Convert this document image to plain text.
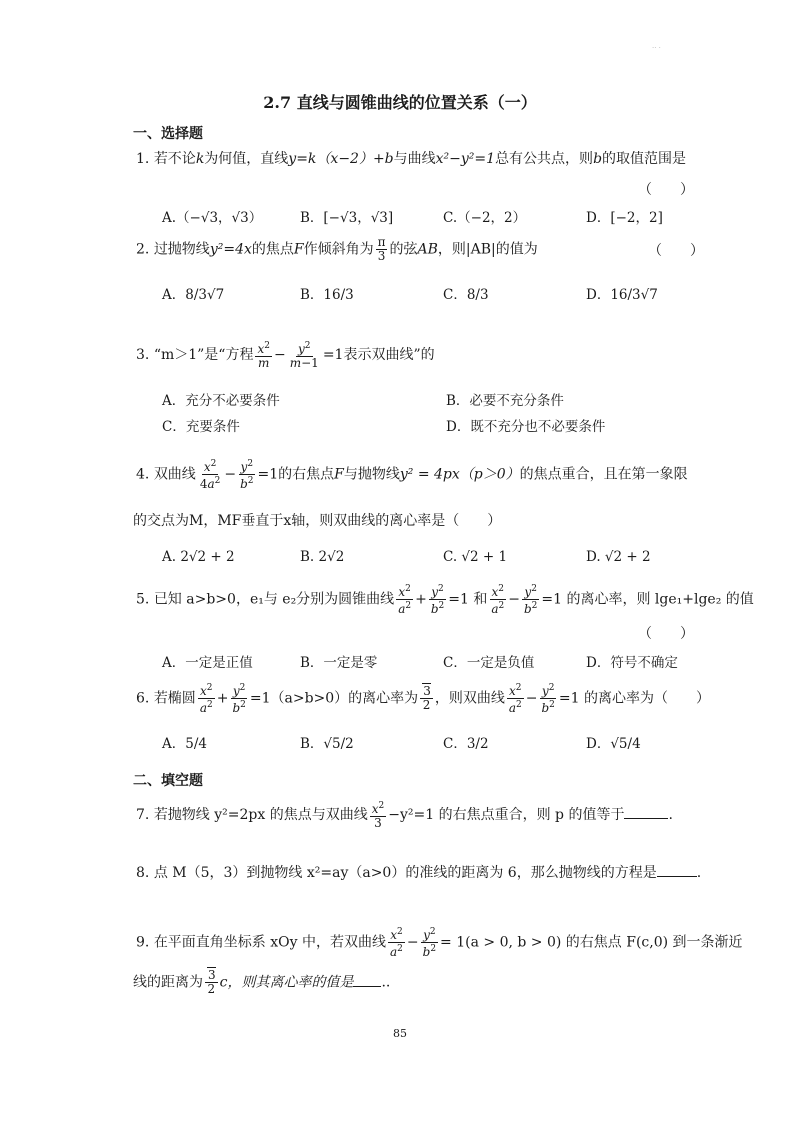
·· ·
2.7 直线与圆锥曲线的位置关系（一）
一、选择题
1. 若不论k为何值，直线y=k（x−2）+b与曲线x²−y²=1总有公共点，则b的取值范围是
（　　）
A.（−√3，√3）	B．[−√3，√3]	C.（−2，2）	D．[−2，2]
2. 过抛物线y²=4x的焦点F作倾斜角为 $\frac{\pi}{3}$ 的弦AB，则|AB|的值为	（　　）
A．8/3√7	B．16/3	C．8/3	D．16/3√7
3. “m＞1”是“方程 $\frac{x^2}{m} - \frac{y^2}{m-1} =1$表示双曲线”的
A．充分不必要条件	B．必要不充分条件
C．充要条件	D．既不充分也不必要条件
4. 双曲线 $\frac{x^2}{4a^2} - \frac{y^2}{b^2} =1$的右焦点F与抛物线y² = 4px（p＞0）的焦点重合，且在第一象限
的交点为M，MF垂直于x轴，则双曲线的离心率是（　　）
A. 2√2 + 2	B. 2√2	C. √2 + 1	D. √2 + 2
5. 已知 a>b>0，e₁与 e₂分别为圆锥曲线 $\frac{x^2}{a^2} + \frac{y^2}{b^2} =1$ 和 $\frac{x^2}{a^2} - \frac{y^2}{b^2} =1$ 的离心率，则 lge₁+lge₂ 的值
（　　）
A．一定是正值	B．一定是零	C．一定是负值	D．符号不确定
6. 若椭圆 $\frac{x^2}{a^2} + \frac{y^2}{b^2} =1(a>b>0)$的离心率为 $\frac{3}{2}$ ，则双曲线 $\frac{x^2}{a^2} - \frac{y^2}{b^2} =1$ 的离心率为（　　）
A．5/4	B．√5/2	C．3/2	D．√5/4
二、填空题
7. 若抛物线 y²=2px 的焦点与双曲线 $\frac{x^2}{3} -y^2=1$ 的右焦点重合，则 p 的值等于	.
8. 点 M（5，3）到抛物线 x²=ay（a>0）的准线的距离为 6，那么抛物线的方程是	.
9. 在平面直角坐标系 xOy 中，若双曲线 $\frac{x^2}{a^2} - \frac{y^2}{b^2} = 1(a > 0$, b > 0) 的右焦点 F(c,0) 到一条渐近
线的距离为 $\frac{3}{2}$ c，则其离心率的值是 ..
85
